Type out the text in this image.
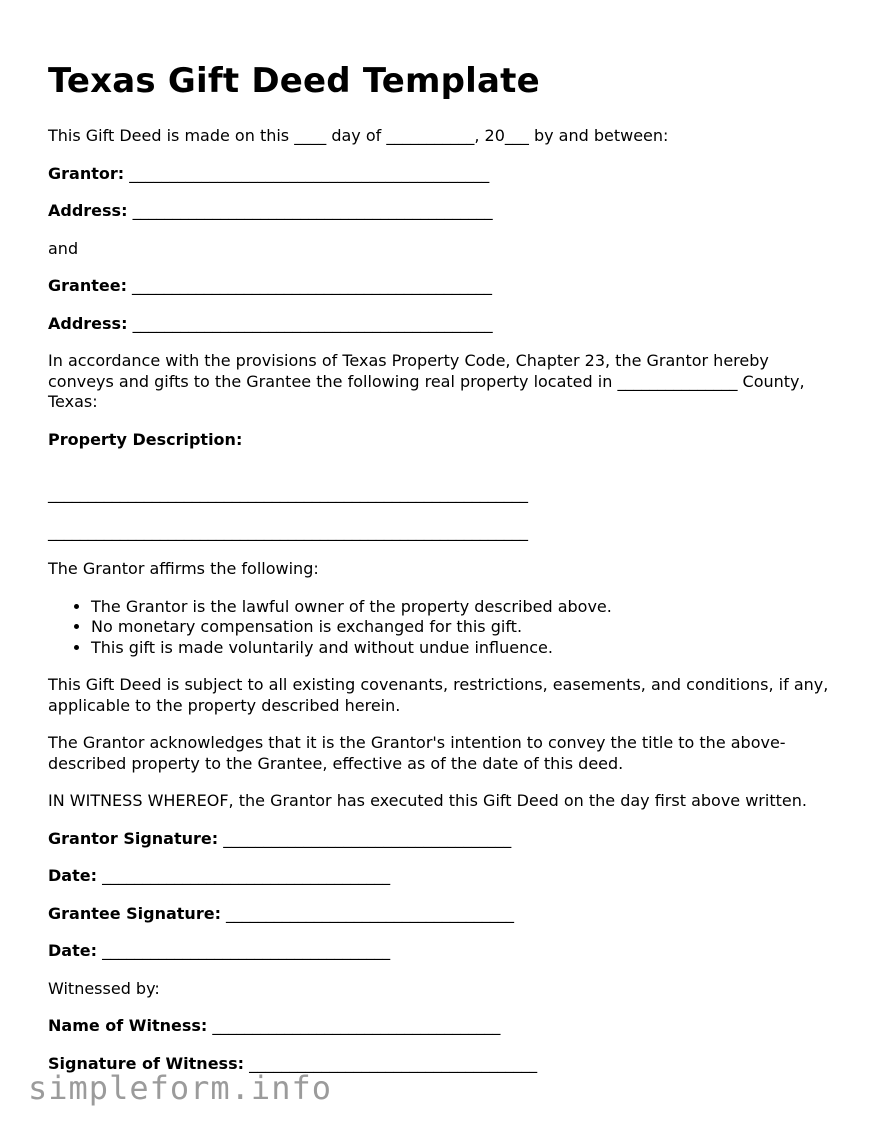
Texas Gift Deed Template

This Gift Deed is made on this ____ day of ___________, 20___ by and between:

Grantor: _____________________________________________

Address: _____________________________________________

and

Grantee: _____________________________________________

Address: _____________________________________________

In accordance with the provisions of Texas Property Code, Chapter 23, the Grantor hereby conveys and gifts to the Grantee the following real property located in _______________ County, Texas:

Property Description:

____________________________________________________________
____________________________________________________________

The Grantor affirms the following:

• The Grantor is the lawful owner of the property described above.
• No monetary compensation is exchanged for this gift.
• This gift is made voluntarily and without undue influence.

This Gift Deed is subject to all existing covenants, restrictions, easements, and conditions, if any, applicable to the property described herein.

The Grantor acknowledges that it is the Grantor's intention to convey the title to the above-described property to the Grantee, effective as of the date of this deed.

IN WITNESS WHEREOF, the Grantor has executed this Gift Deed on the day first above written.

Grantor Signature: ____________________________________

Date: ____________________________________

Grantee Signature: ____________________________________

Date: ____________________________________

Witnessed by:

Name of Witness: ____________________________________

Signature of Witness: ____________________________________

simpleform.info
